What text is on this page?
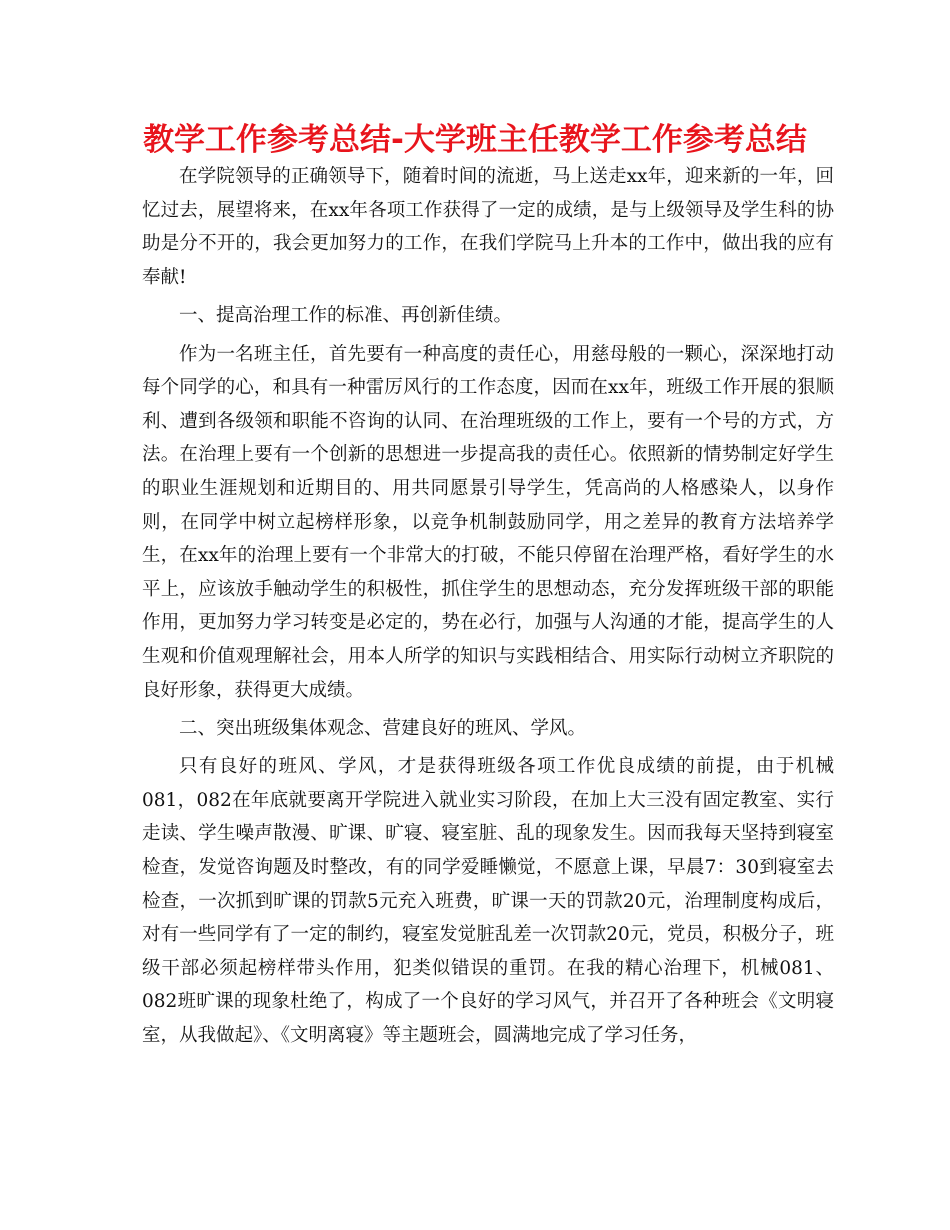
教学工作参考总结-大学班主任教学工作参考总结

在学院领导的正确领导下，随着时间的流逝，马上送走xx年，迎来新的一年，回忆过去，展望将来，在xx年各项工作获得了一定的成绩，是与上级领导及学生科的协助是分不开的，我会更加努力的工作，在我们学院马上升本的工作中，做出我的应有奉献!

一、提高治理工作的标准、再创新佳绩。

作为一名班主任，首先要有一种高度的责任心，用慈母般的一颗心，深深地打动每个同学的心，和具有一种雷厉风行的工作态度，因而在xx年，班级工作开展的狠顺利、遭到各级领和职能不咨询的认同、在治理班级的工作上，要有一个号的方式，方法。在治理上要有一个创新的思想进一步提高我的责任心。依照新的情势制定好学生的职业生涯规划和近期目的、用共同愿景引导学生，凭高尚的人格感染人，以身作则，在同学中树立起榜样形象，以竞争机制鼓励同学，用之差异的教育方法培养学生，在xx年的治理上要有一个非常大的打破，不能只停留在治理严格，看好学生的水平上，应该放手触动学生的积极性，抓住学生的思想动态，充分发挥班级干部的职能作用，更加努力学习转变是必定的，势在必行，加强与人沟通的才能，提高学生的人生观和价值观理解社会，用本人所学的知识与实践相结合、用实际行动树立齐职院的良好形象，获得更大成绩。

二、突出班级集体观念、营建良好的班风、学风。

只有良好的班风、学风，才是获得班级各项工作优良成绩的前提，由于机械081，082在年底就要离开学院进入就业实习阶段，在加上大三没有固定教室、实行走读、学生噪声散漫、旷课、旷寝、寝室脏、乱的现象发生。因而我每天坚持到寝室检查，发觉咨询题及时整改，有的同学爱睡懒觉，不愿意上课，早晨7：30到寝室去检查，一次抓到旷课的罚款5元充入班费，旷课一天的罚款20元，治理制度构成后，对有一些同学有了一定的制约，寝室发觉脏乱差一次罚款20元，党员，积极分子，班级干部必须起榜样带头作用，犯类似错误的重罚。在我的精心治理下，机械081、082班旷课的现象杜绝了，构成了一个良好的学习风气，并召开了各种班会《文明寝室，从我做起》、《文明离寝》等主题班会，圆满地完成了学习任务，
